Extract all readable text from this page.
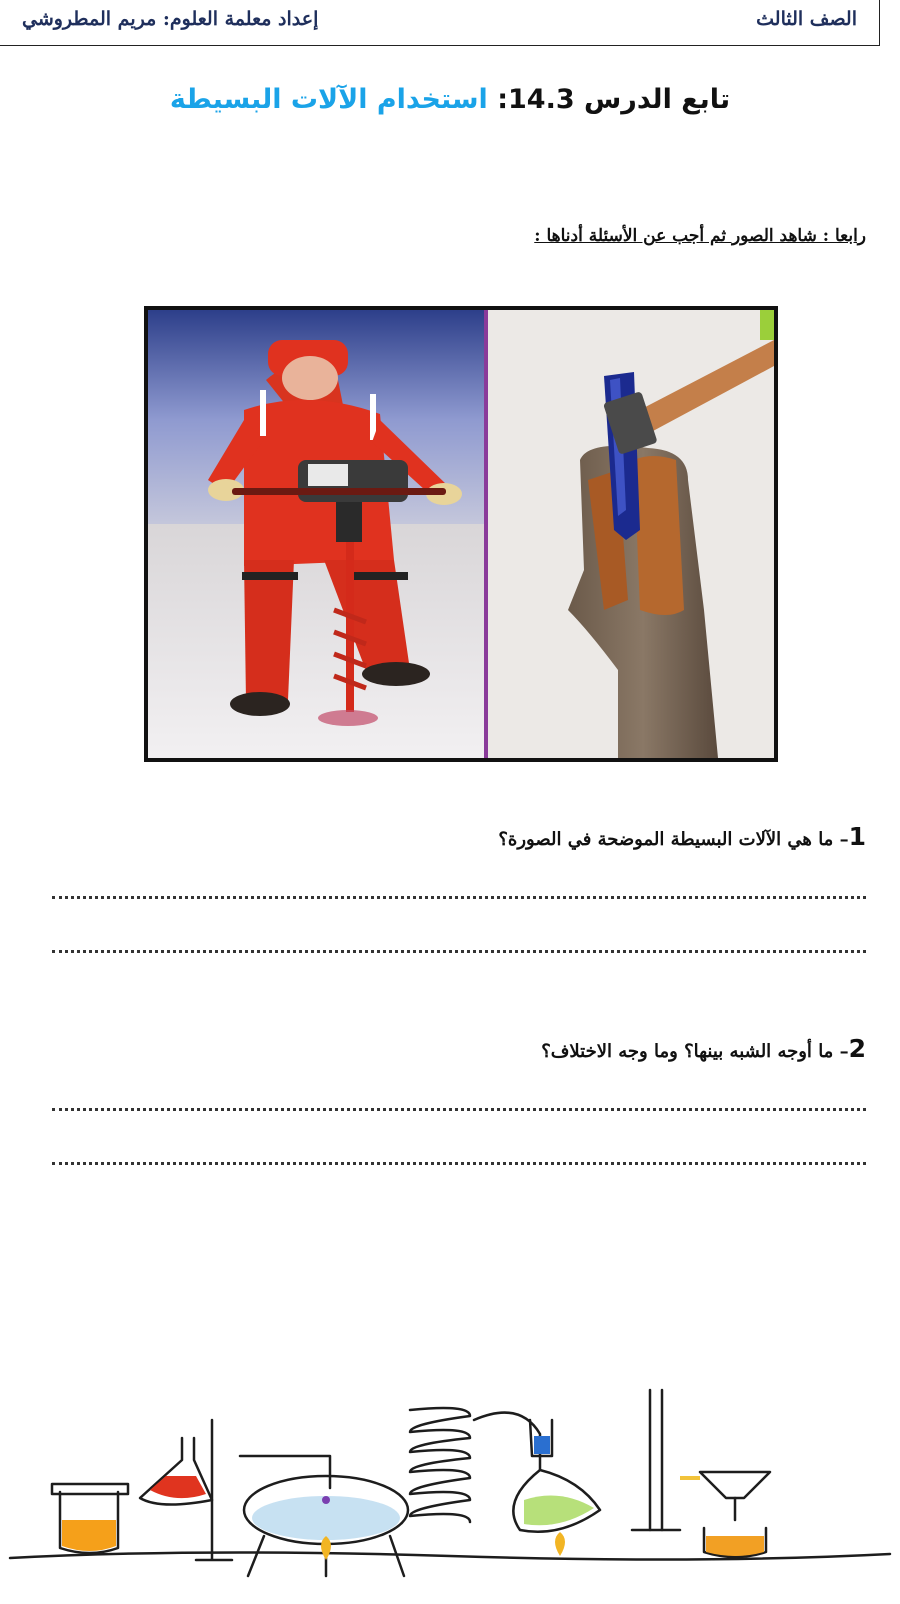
الصف الثالث
إعداد معلمة العلوم: مريم المطروشي
تابع الدرس 14.3: استخدام الآلات البسيطة
رابعا : شاهد الصور ثم أجب عن الأسئلة أدناها :
1– ما هي الآلات البسيطة الموضحة في الصورة؟
2– ما أوجه الشبه بينها؟ وما وجه الاختلاف؟
